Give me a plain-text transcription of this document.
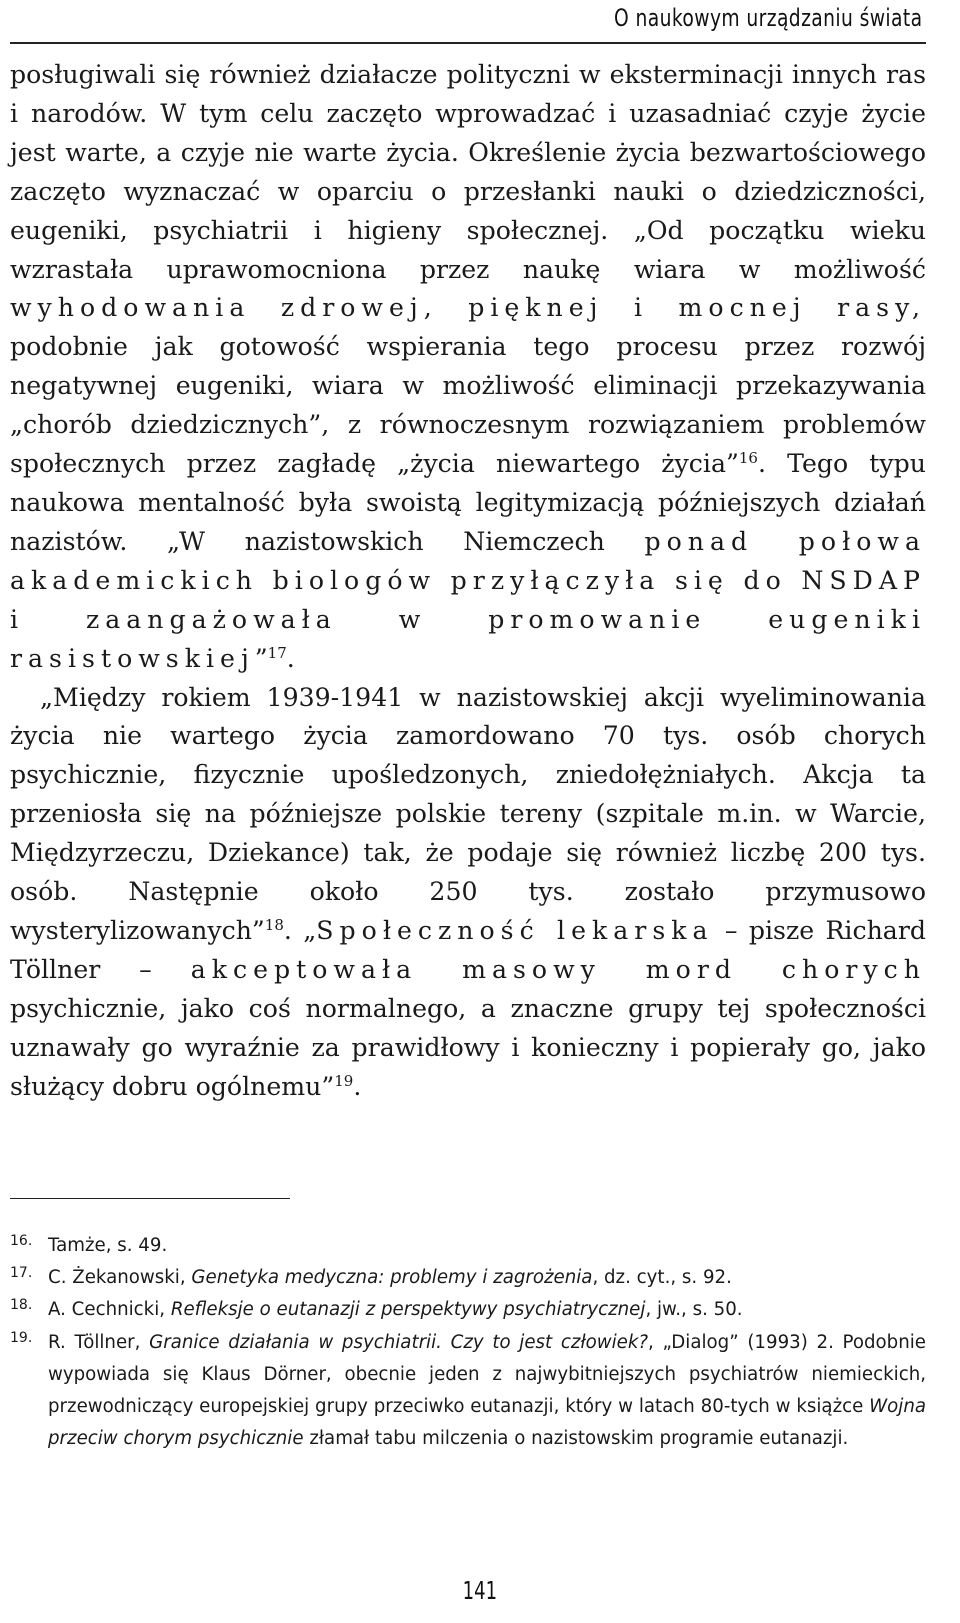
O naukowym urządzaniu świata

posługiwali się również działacze polityczni w eksterminacji innych ras i narodów. W tym celu zaczęto wprowadzać i uzasadniać czyje życie jest warte, a czyje nie warte życia. Określenie życia bezwartościowego zaczęto wyznaczać w oparciu o przesłanki nauki o dziedziczności, eugeniki, psychiatrii i higieny społecznej. „Od początku wieku wzrastała uprawomocniona przez naukę wiara w możliwość wyhodowania zdrowej, pięknej i mocnej rasy, podobnie jak gotowość wspierania tego procesu przez rozwój negatywnej eugeniki, wiara w możliwość eliminacji przekazywania „chorób dziedzicznych”, z równoczesnym rozwiązaniem problemów społecznych przez zagładę „życia niewartego życia”$^{16}$. Tego typu naukowa mentalność była swoistą legitymizacją późniejszych działań nazistów. „W nazistowskich Niemczech ponad połowa akademickich biologów przyłączyła się do NSDAP i zaangażowała w promowanie eugeniki rasistowskiej”$^{17}$.

„Między rokiem 1939-1941 w nazistowskiej akcji wyeliminowania życia nie wartego życia zamordowano 70 tys. osób chorych psychicznie, fizycznie upośledzonych, zniedołężniałych. Akcja ta przeniosła się na późniejsze polskie tereny (szpitale m.in. w Warcie, Międzyrzeczu, Dziekance) tak, że podaje się również liczbę 200 tys. osób. Następnie około 250 tys. zostało przymusowo wysterylizowanych”$^{18}$. „Społeczność lekarska – pisze Richard Töllner – akceptowała masowy mord chorych psychicznie, jako coś normalnego, a znaczne grupy tej społeczności uznawały go wyraźnie za prawidłowy i konieczny i popierały go, jako służący dobru ogólnemu”$^{19}$.

16. Tamże, s. 49.
17. C. Żekanowski, Genetyka medyczna: problemy i zagrożenia, dz. cyt., s. 92.
18. A. Cechnicki, Refleksje o eutanazji z perspektywy psychiatrycznej, jw., s. 50.
19. R. Töllner, Granice działania w psychiatrii. Czy to jest człowiek?, „Dialog” (1993) 2. Podobnie wypowiada się Klaus Dörner, obecnie jeden z najwybitniejszych psychiatrów niemieckich, przewodniczący europejskiej grupy przeciwko eutanazji, który w latach 80-tych w książce Wojna przeciw chorym psychicznie złamał tabu milczenia o nazistowskim programie eutanazji.
141
